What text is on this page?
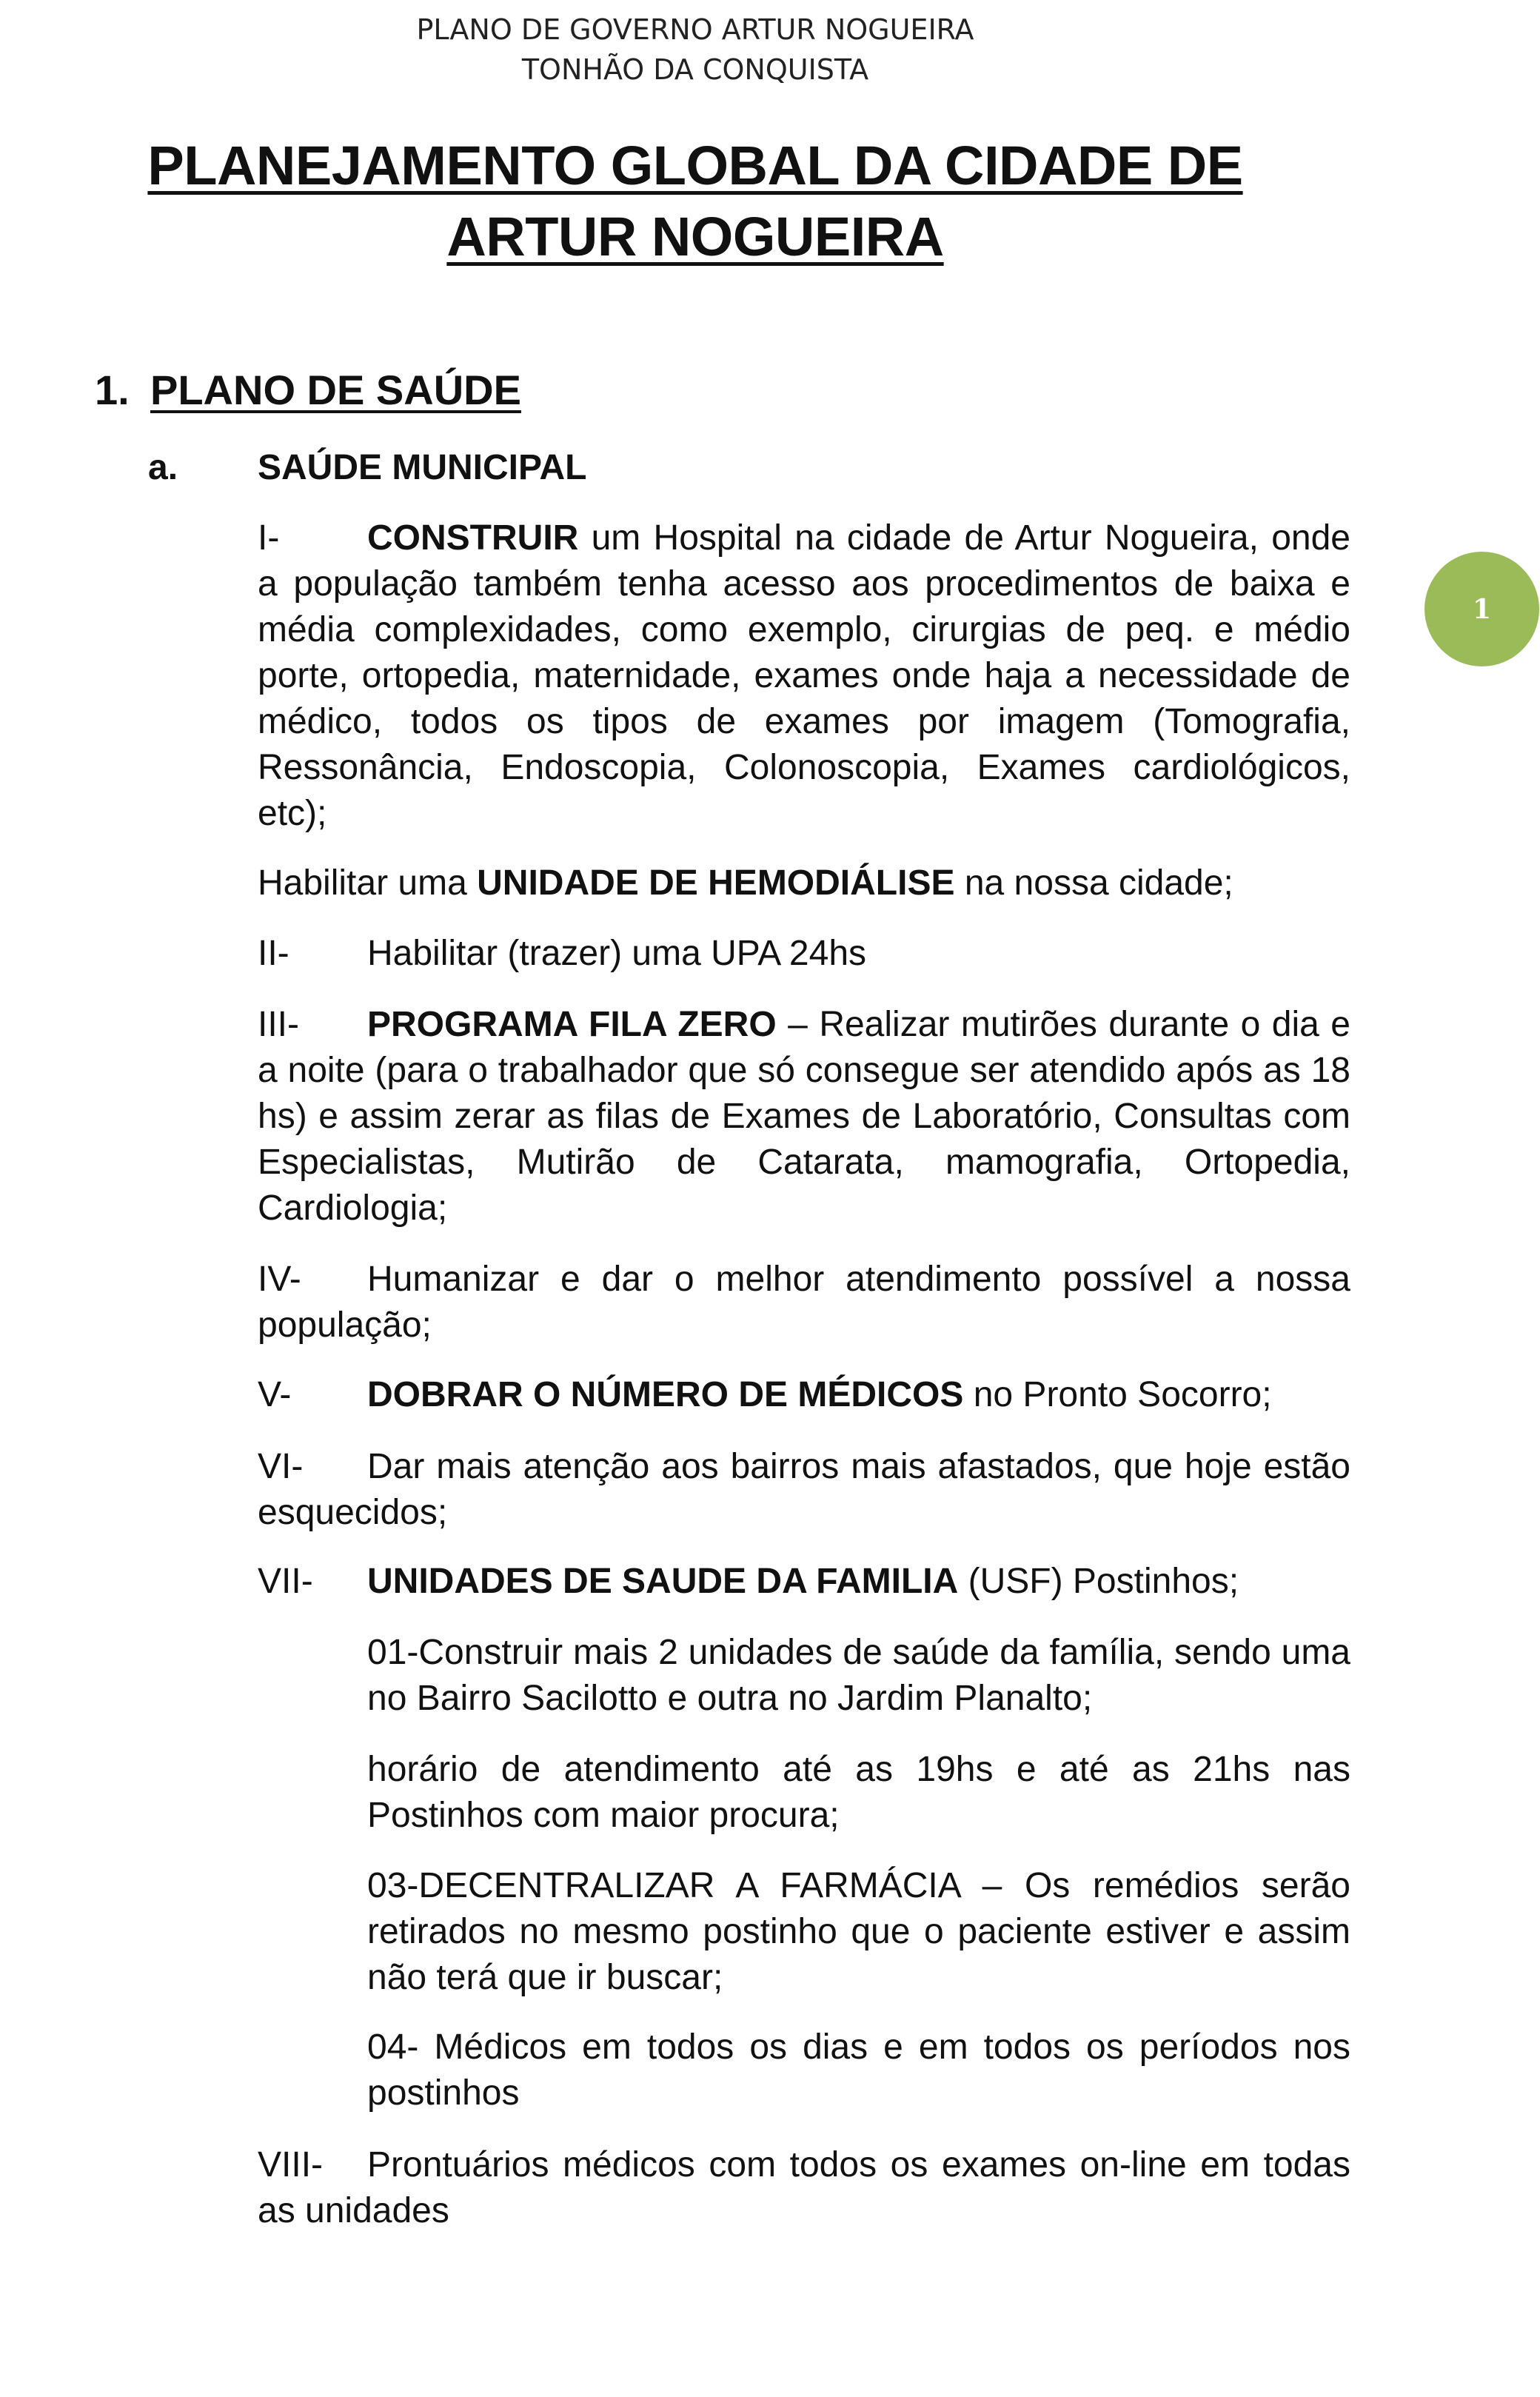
PLANO DE GOVERNO ARTUR NOGUEIRA
TONHÃO DA CONQUISTA
PLANEJAMENTO GLOBAL DA CIDADE DE
ARTUR NOGUEIRA
1. PLANO DE SAÚDE
a. SAÚDE MUNICIPAL
I- CONSTRUIR um Hospital na cidade de Artur Nogueira, onde a população também tenha acesso aos procedimentos de baixa e média complexidades, como exemplo, cirurgias de peq. e médio porte, ortopedia, maternidade, exames onde haja a necessidade de médico, todos os tipos de exames por imagem (Tomografia, Ressonância, Endoscopia, Colonoscopia, Exames cardiológicos, etc);
Habilitar uma UNIDADE DE HEMODIÁLISE na nossa cidade;
II- Habilitar (trazer) uma UPA 24hs
III- PROGRAMA FILA ZERO – Realizar mutirões durante o dia e a noite (para o trabalhador que só consegue ser atendido após as 18 hs) e assim zerar as filas de Exames de Laboratório, Consultas com Especialistas, Mutirão de Catarata, mamografia, Ortopedia, Cardiologia;
IV- Humanizar e dar o melhor atendimento possível a nossa população;
V- DOBRAR O NÚMERO DE MÉDICOS no Pronto Socorro;
VI- Dar mais atenção aos bairros mais afastados, que hoje estão esquecidos;
VII- UNIDADES DE SAUDE DA FAMILIA (USF) Postinhos;
01-Construir mais 2 unidades de saúde da família, sendo uma no Bairro Sacilotto e outra no Jardim Planalto;
horário de atendimento até as 19hs e até as 21hs nas Postinhos com maior procura;
03-DECENTRALIZAR A FARMÁCIA – Os remédios serão retirados no mesmo postinho que o paciente estiver e assim não terá que ir buscar;
04- Médicos em todos os dias e em todos os períodos nos postinhos
VIII- Prontuários médicos com todos os exames on-line em todas as unidades
1
